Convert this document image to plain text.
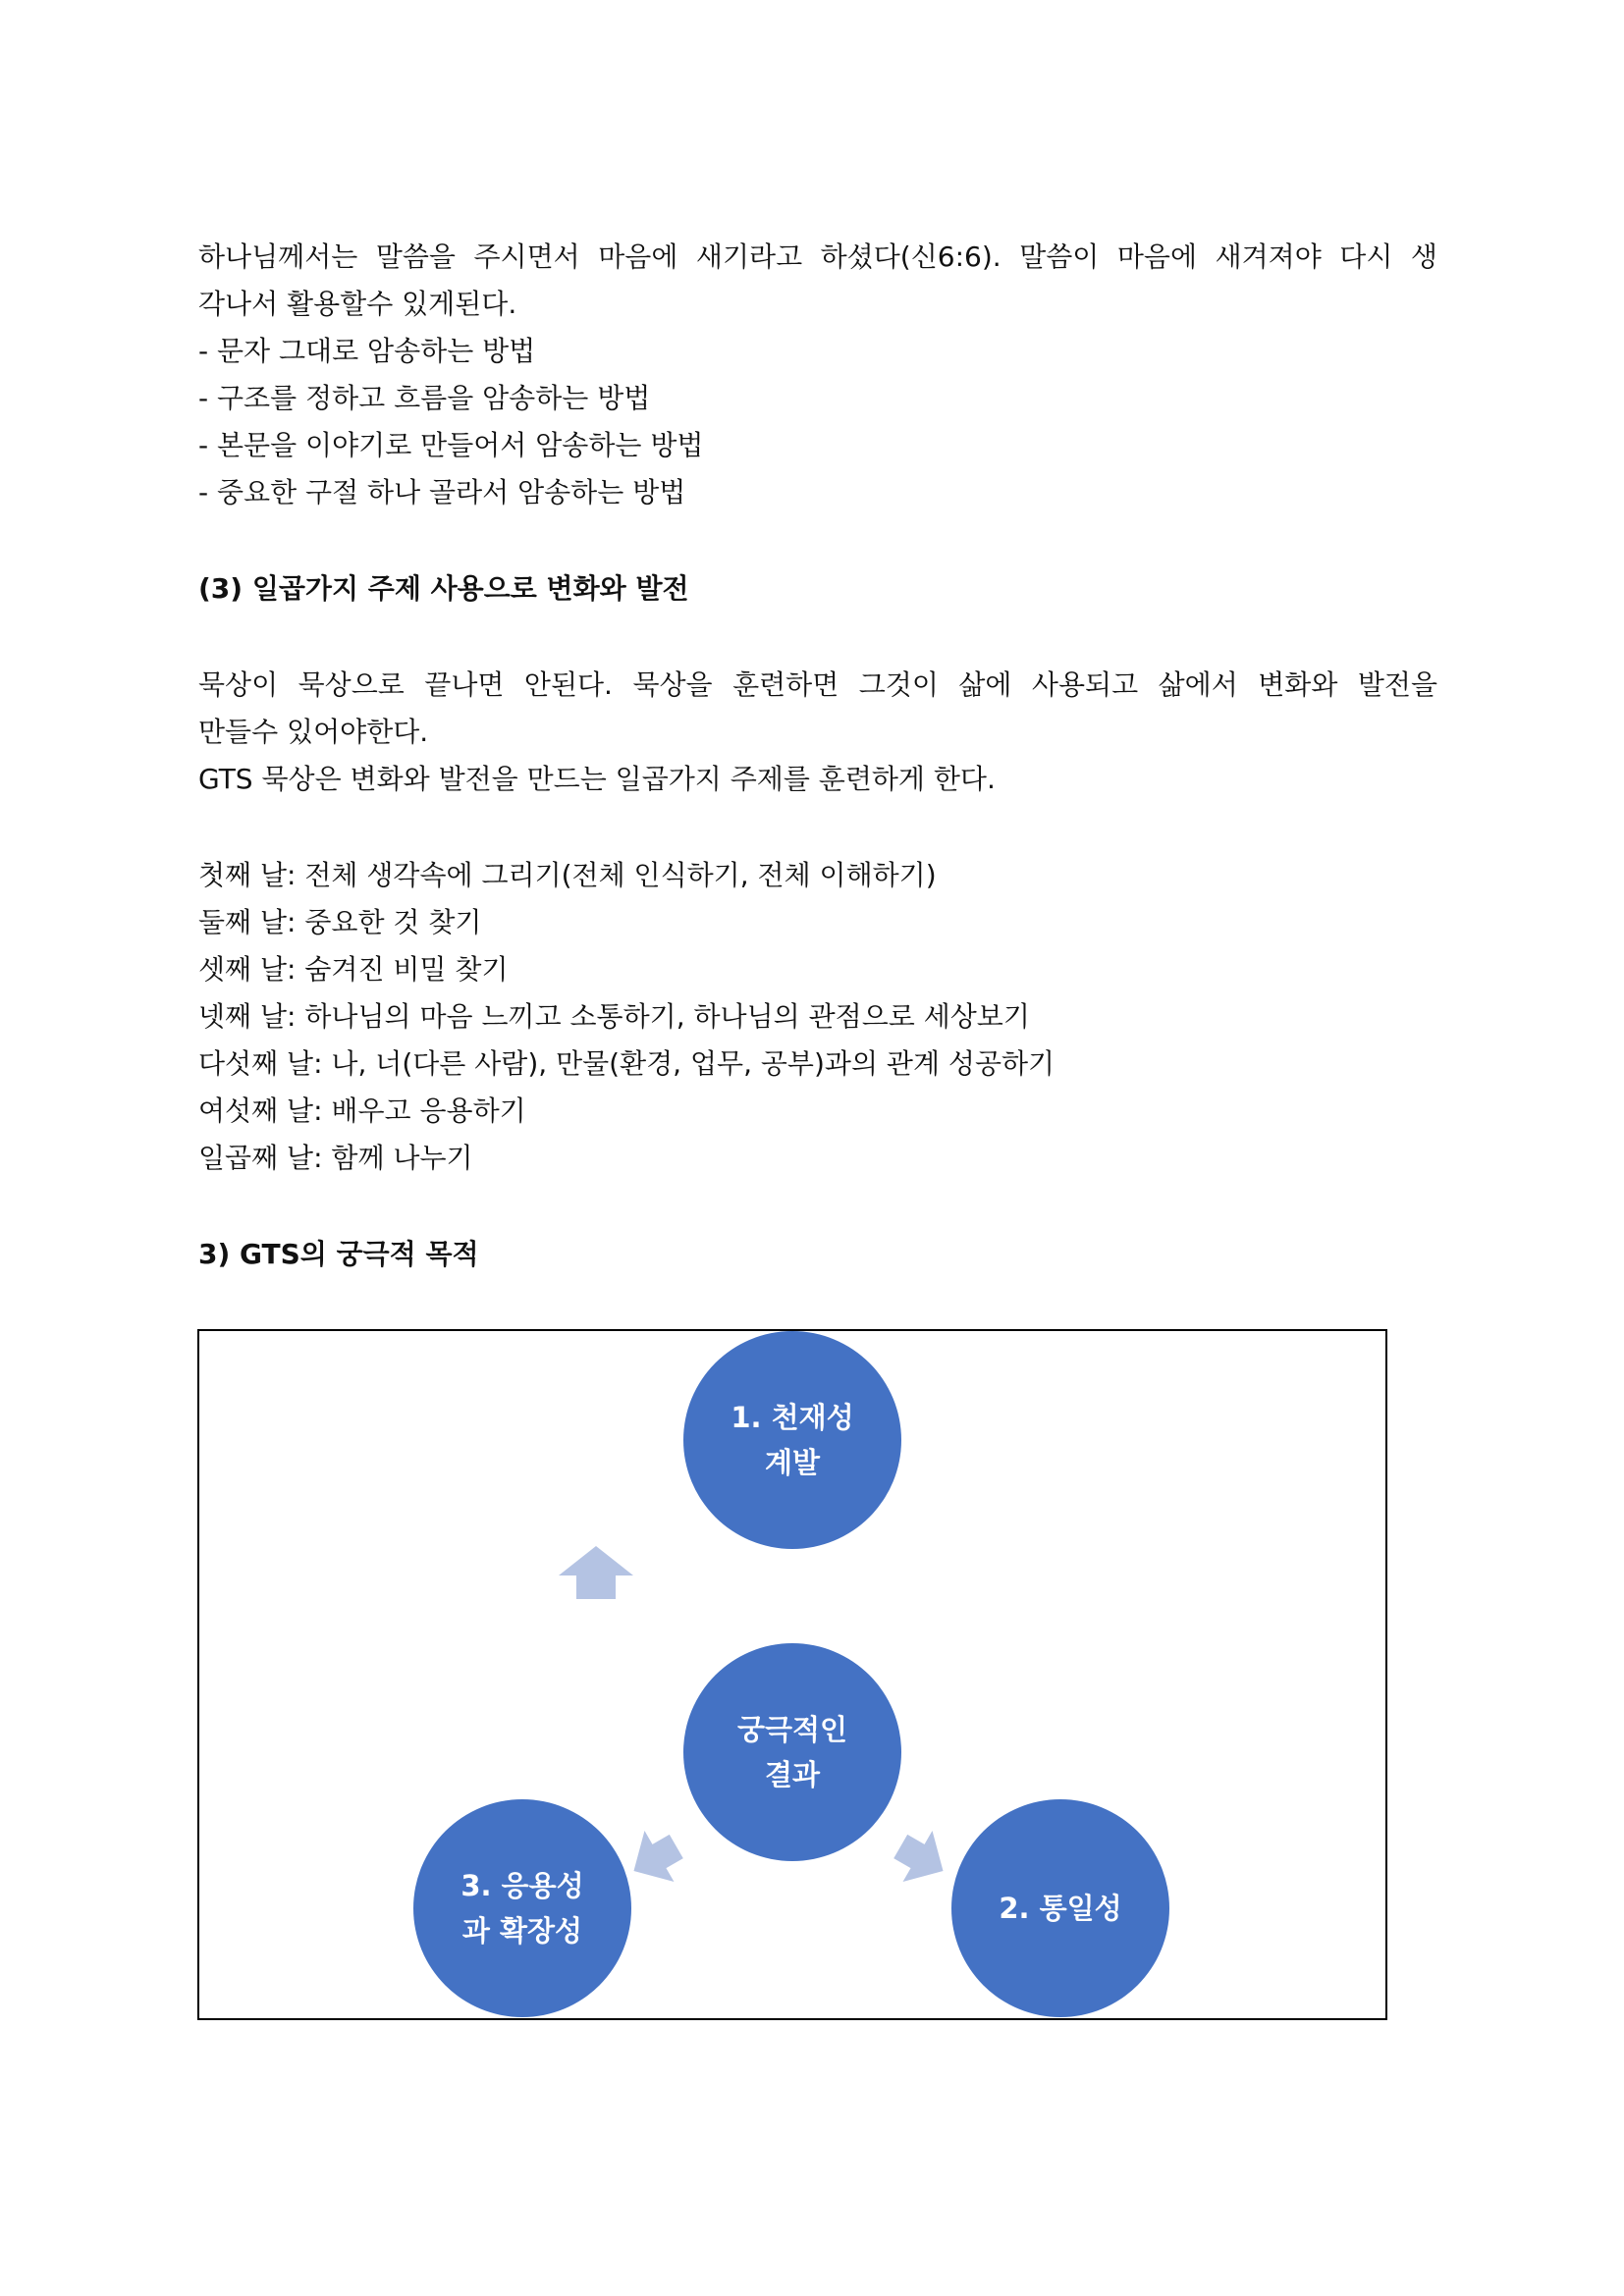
하나님께서는 말씀을 주시면서 마음에 새기라고 하셨다(신6:6). 말씀이 마음에 새겨져야 다시 생

각나서 활용할수 있게된다.

- 문자 그대로 암송하는 방법

- 구조를 정하고 흐름을 암송하는 방법

- 본문을 이야기로 만들어서 암송하는 방법

- 중요한 구절 하나 골라서 암송하는 방법

(3) 일곱가지 주제 사용으로 변화와 발전

묵상이 묵상으로 끝나면 안된다. 묵상을 훈련하면 그것이 삶에 사용되고 삶에서 변화와 발전을

만들수 있어야한다.

GTS 묵상은 변화와 발전을 만드는 일곱가지 주제를 훈련하게 한다.

첫째 날: 전체 생각속에 그리기(전체 인식하기, 전체 이해하기)

둘째 날: 중요한 것 찾기

셋째 날: 숨겨진 비밀 찾기

넷째 날: 하나님의 마음 느끼고 소통하기, 하나님의 관점으로 세상보기

다섯째 날: 나, 너(다른 사람), 만물(환경, 업무, 공부)과의 관계 성공하기

여섯째 날: 배우고 응용하기

일곱째 날: 함께 나누기

3) GTS의 궁극적 목적

1. 천재성
계발
궁극적인
결과
2. 통일성
3. 응용성
과 확장성
